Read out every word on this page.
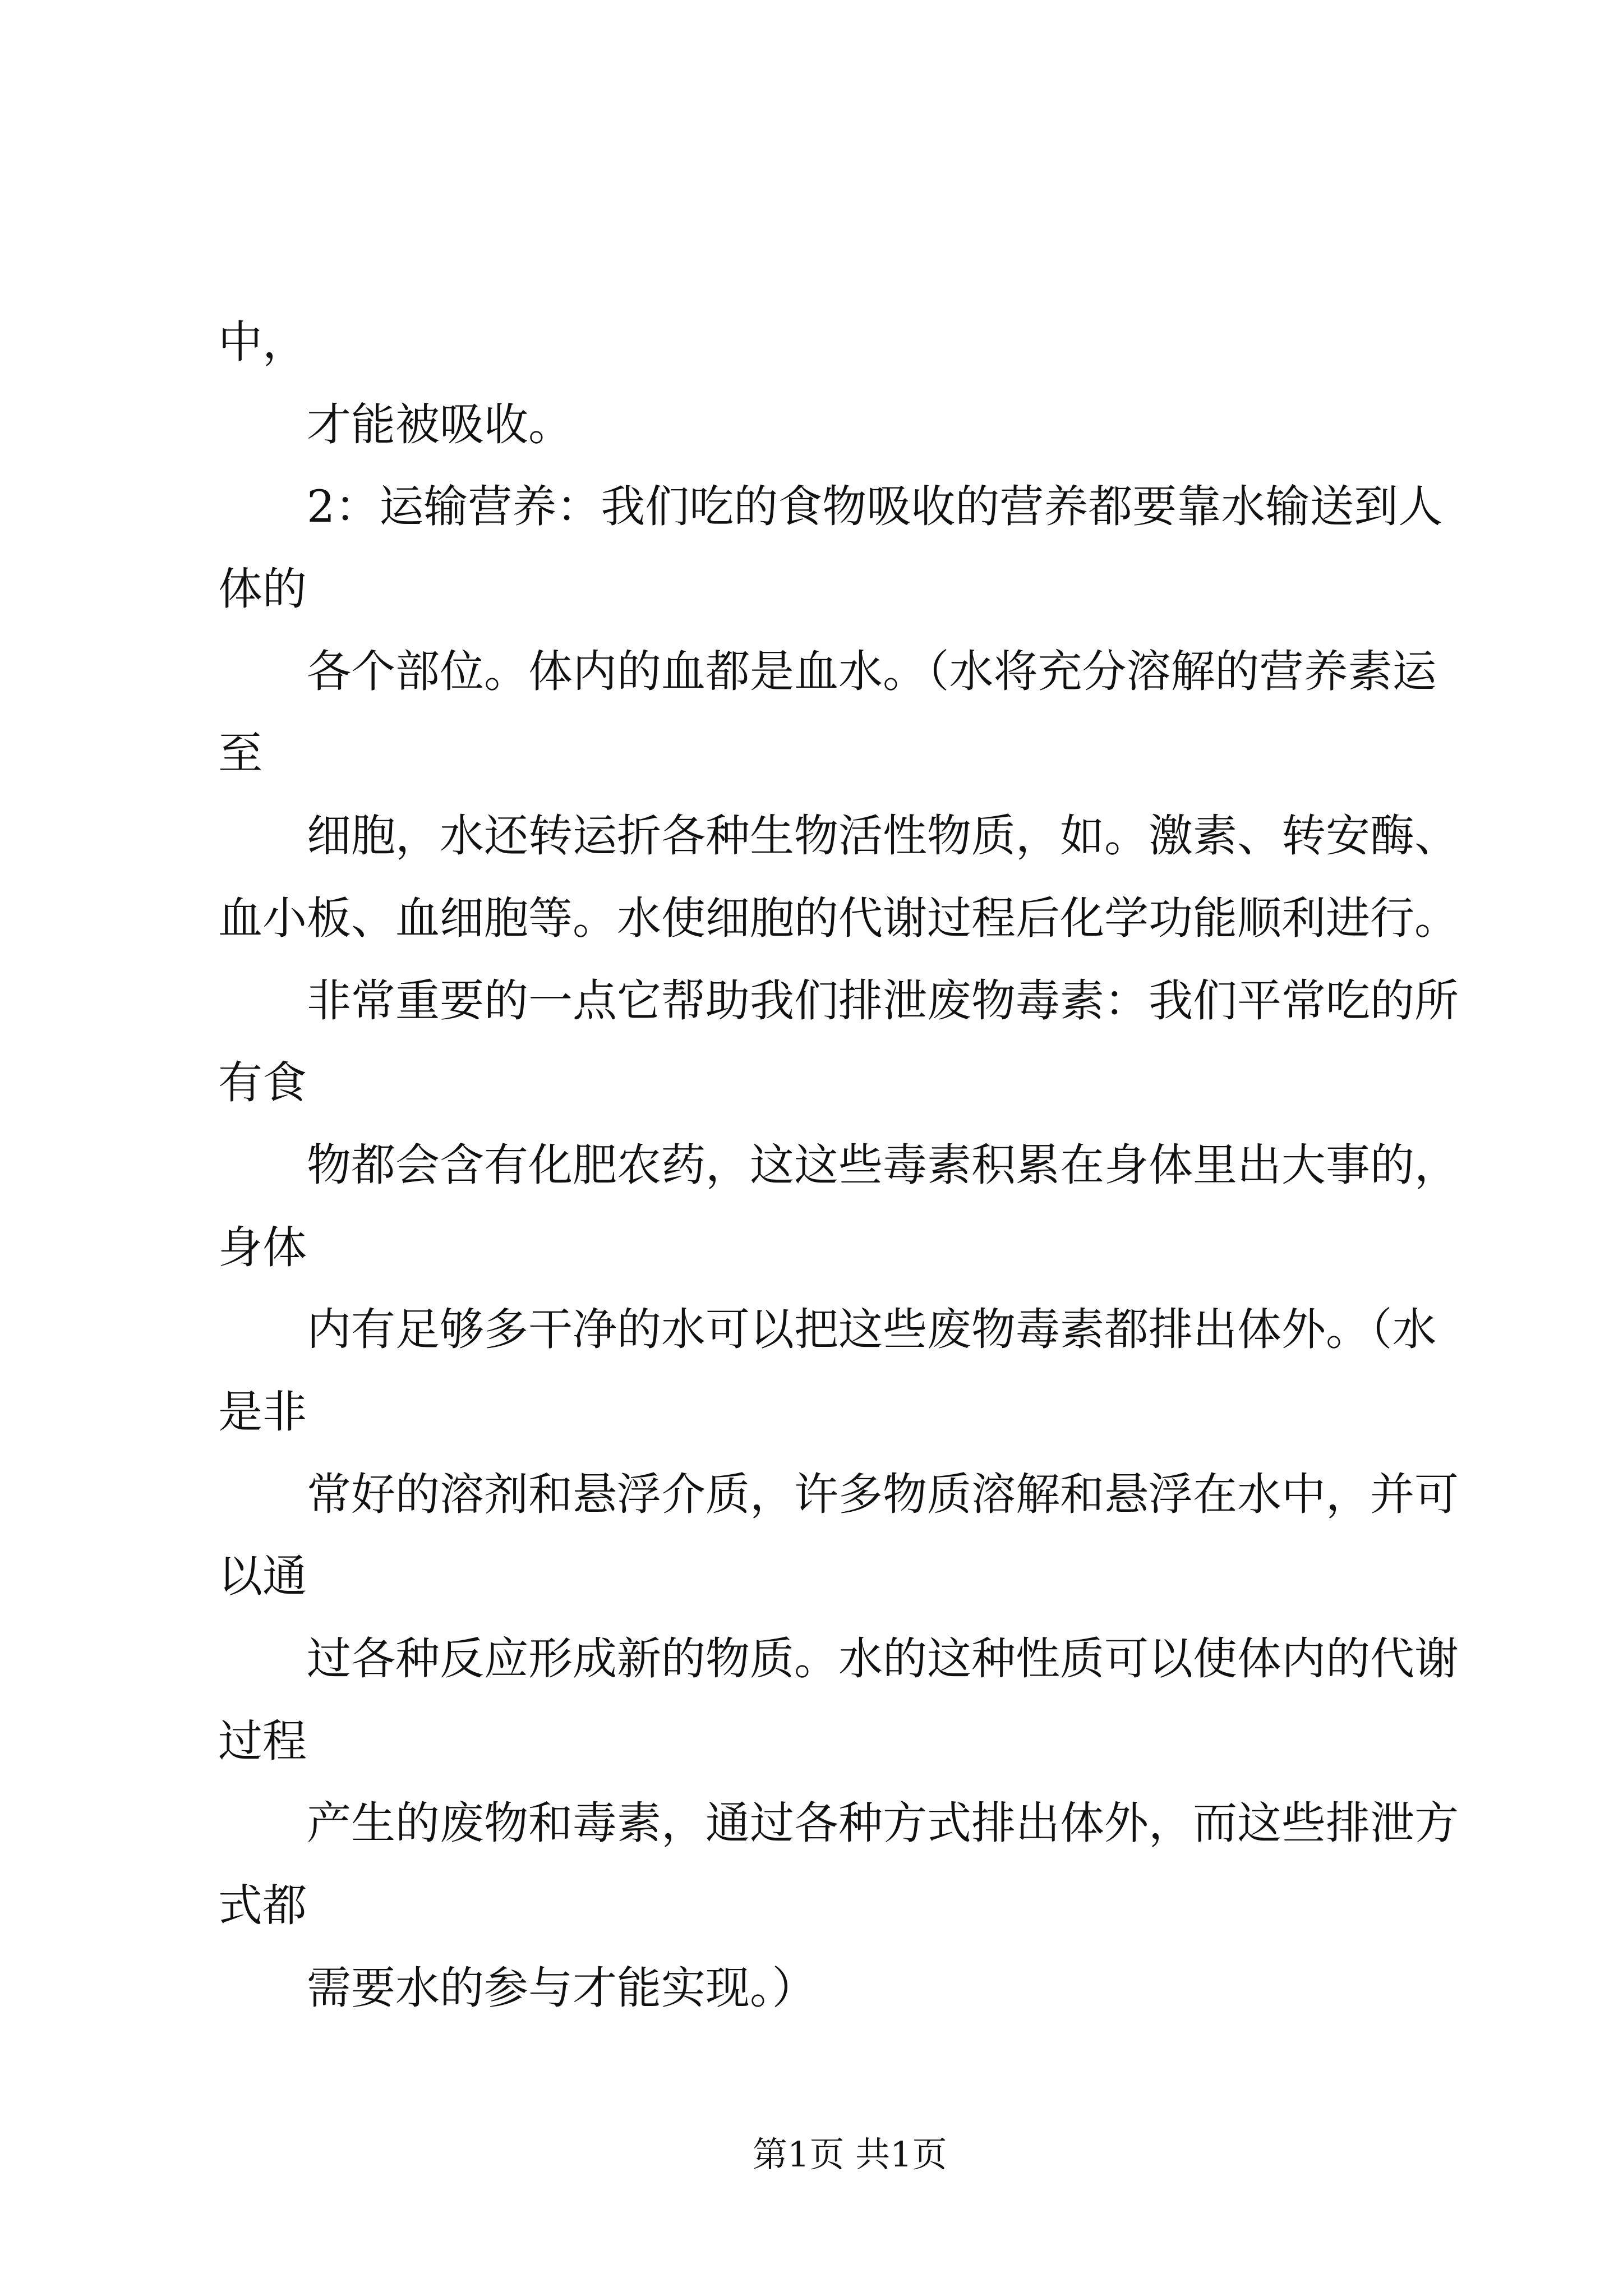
中，
才能被吸收。
2：运输营养：我们吃的食物吸收的营养都要靠水输送到人
体的
各个部位。体内的血都是血水。（水将充分溶解的营养素运
至
细胞，水还转运折各种生物活性物质，如。激素、转安酶、
血小板、血细胞等。水使细胞的代谢过程后化学功能顺利进行。
非常重要的一点它帮助我们排泄废物毒素：我们平常吃的所
有食
物都会含有化肥农药，这这些毒素积累在身体里出大事的，
身体
内有足够多干净的水可以把这些废物毒素都排出体外。（水
是非
常好的溶剂和悬浮介质，许多物质溶解和悬浮在水中，并可
以通
过各种反应形成新的物质。水的这种性质可以使体内的代谢
过程
产生的废物和毒素，通过各种方式排出体外，而这些排泄方
式都
需要水的参与才能实现。）
第1页 共1页
